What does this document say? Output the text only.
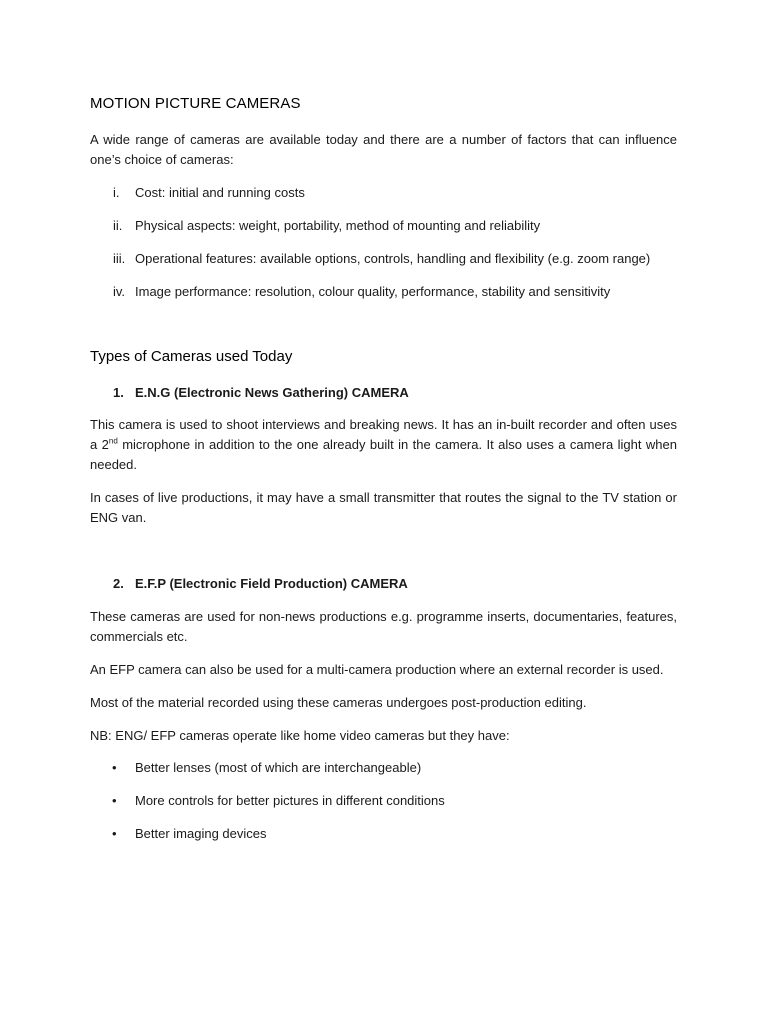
MOTION PICTURE CAMERAS

A wide range of cameras are available today and there are a number of factors that can influence one’s choice of cameras:

i. Cost: initial and running costs
ii. Physical aspects: weight, portability, method of mounting and reliability
iii. Operational features: available options, controls, handling and flexibility (e.g. zoom range)
iv. Image performance: resolution, colour quality, performance, stability and sensitivity
Types of Cameras used Today
1. E.N.G (Electronic News Gathering) CAMERA

This camera is used to shoot interviews and breaking news. It has an in-built recorder and often uses a 2nd microphone in addition to the one already built in the camera. It also uses a camera light when needed.

In cases of live productions, it may have a small transmitter that routes the signal to the TV station or ENG van.

2. E.F.P (Electronic Field Production) CAMERA

These cameras are used for non-news productions e.g. programme inserts, documentaries, features, commercials etc.

An EFP camera can also be used for a multi-camera production where an external recorder is used.

Most of the material recorded using these cameras undergoes post-production editing.

NB: ENG/ EFP cameras operate like home video cameras but they have:

• Better lenses (most of which are interchangeable)
• More controls for better pictures in different conditions
• Better imaging devices
